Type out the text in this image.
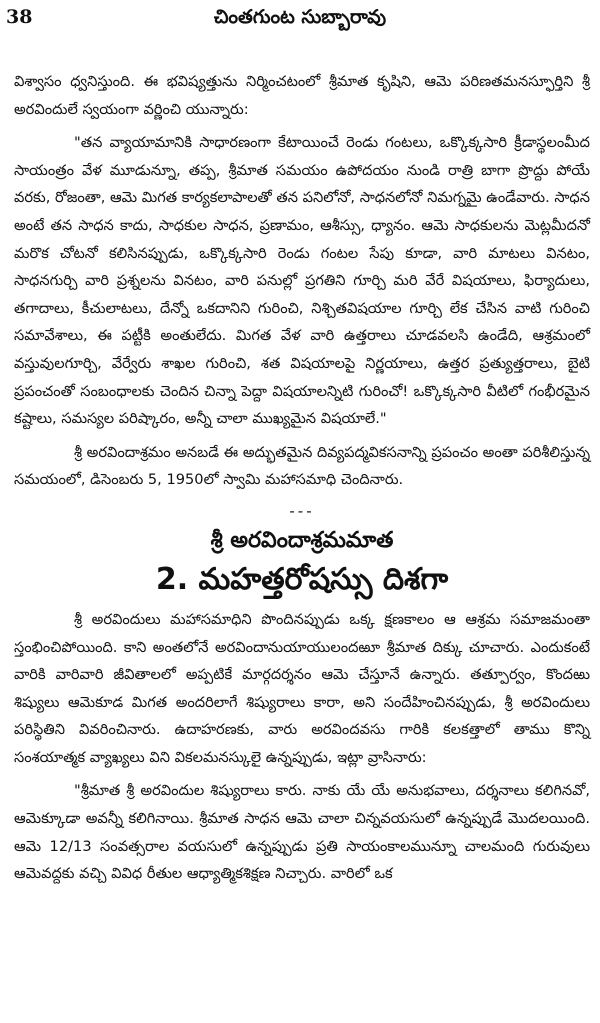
38	చింతగుంట సుబ్బారావు

విశ్వాసం ధ్వనిస్తుంది. ఈ భవిష్యత్తును నిర్మించటంలో శ్రీమాత కృషిని, ఆమె పరిణతమనస్ఫూర్తిని శ్రీ అరవిందులే స్వయంగా వర్ణించి యున్నారు:

"తన వ్యాయామానికి సాధారణంగా కేటాయించే రెండు గంటలు, ఒక్కొక్కసారి క్రీడాస్థలంమీద సాయంత్రం వేళ మూడున్నూ, తప్ప, శ్రీమాత సమయం ఉపోదయం నుండి రాత్రి బాగా ప్రొద్దు పోయే వరకు, రోజంతా, ఆమె మిగత కార్యకలాపాలతో తన పనిలోనో, సాధనలోనో నిమగ్నమై ఉండేవారు. సాధన అంటే తన సాధన కాదు, సాధకుల సాధన, ప్రణామం, ఆశీస్సు, ధ్యానం. ఆమె సాధకులను మెట్లమీదనో మరొక చోటనో కలిసినప్పుడు, ఒక్కొక్కసారి రెండు గంటల సేపు కూడా, వారి మాటలు వినటం, సాధనగుర్చి వారి ప్రశ్నలను వినటం, వారి పనుల్లో ప్రగతిని గూర్చి మరి వేరే విషయాలు, ఫిర్యాదులు, తగాదాలు, కీచులాటలు, దేన్నో ఒకదానిని గురించి, నిశ్చితవిషయాల గూర్చి లేక చేసిన వాటి గురించి సమావేశాలు, ఈ పట్టీకి అంతులేదు. మిగత వేళ వారి ఉత్తరాలు చూడవలసి ఉండేది, ఆశ్రమంలో వస్తువులగూర్చి, వేర్వేరు శాఖల గురించి, శత విషయాలపై నిర్ణయాలు, ఉత్తర ప్రత్యుత్తరాలు, బైటి ప్రపంచంతో సంబంధాలకు చెందిన చిన్నా పెద్దా విషయాలన్నిటి గురించో! ఒక్కొక్కసారి వీటిలో గంభీరమైన కష్టాలు, సమస్యల పరిష్కారం, అన్నీ చాలా ముఖ్యమైన విషయాలే."

శ్రీ అరవిందాశ్రమం అనబడే ఈ అద్భుతమైన దివ్యపద్మవికసనాన్ని ప్రపంచం అంతా పరిశీలిస్తున్న సమయంలో, డిసెంబరు 5, 1950లో స్వామి మహాసమాధి చెందినారు.

---
శ్రీ అరవిందాశ్రమమాత
2. మహత్తరోషస్సు దిశగా

శ్రీ అరవిందులు మహాసమాధిని పొందినప్పుడు ఒక్క క్షణకాలం ఆ ఆశ్రమ సమాజమంతా స్తంభించిపోయింది. కాని అంతలోనే అరవిందానుయాయులందఱూ శ్రీమాత దిక్కు చూచారు. ఎందుకంటే వారికి వారివారి జీవితాలలో అప్పటికే మార్గదర్శనం ఆమె చేస్తూనే ఉన్నారు. తత్పూర్వం, కొందఱు శిష్యులు ఆమెకూడ మిగత అందరిలాగే శిష్యురాలు కారా, అని సందేహించినప్పుడు, శ్రీ అరవిందులు పరిస్థితిని వివరించినారు. ఉదాహరణకు, వారు అరవిందవసు గారికి కలకత్తాలో తాము కొన్ని సంశయాత్మక వ్యాఖ్యలు విని వికలమనస్కులై ఉన్నప్పుడు, ఇట్లా వ్రాసినారు:

"శ్రీమాత శ్రీ అరవిందుల శిష్యురాలు కారు. నాకు యే యే అనుభవాలు, దర్శనాలు కలిగినవో, ఆమెక్కూడా అవన్నీ కలిగినాయి. శ్రీమాత సాధన ఆమె చాలా చిన్నవయసులో ఉన్నప్పుడే మొదలయింది. ఆమె 12/13 సంవత్సరాల వయసులో ఉన్నప్పుడు ప్రతి సాయంకాలమున్నూ చాలమంది గురువులు ఆమెవద్దకు వచ్చి వివిధ రీతుల ఆధ్యాత్మికశిక్షణ నిచ్చారు. వారిలో ఒక
